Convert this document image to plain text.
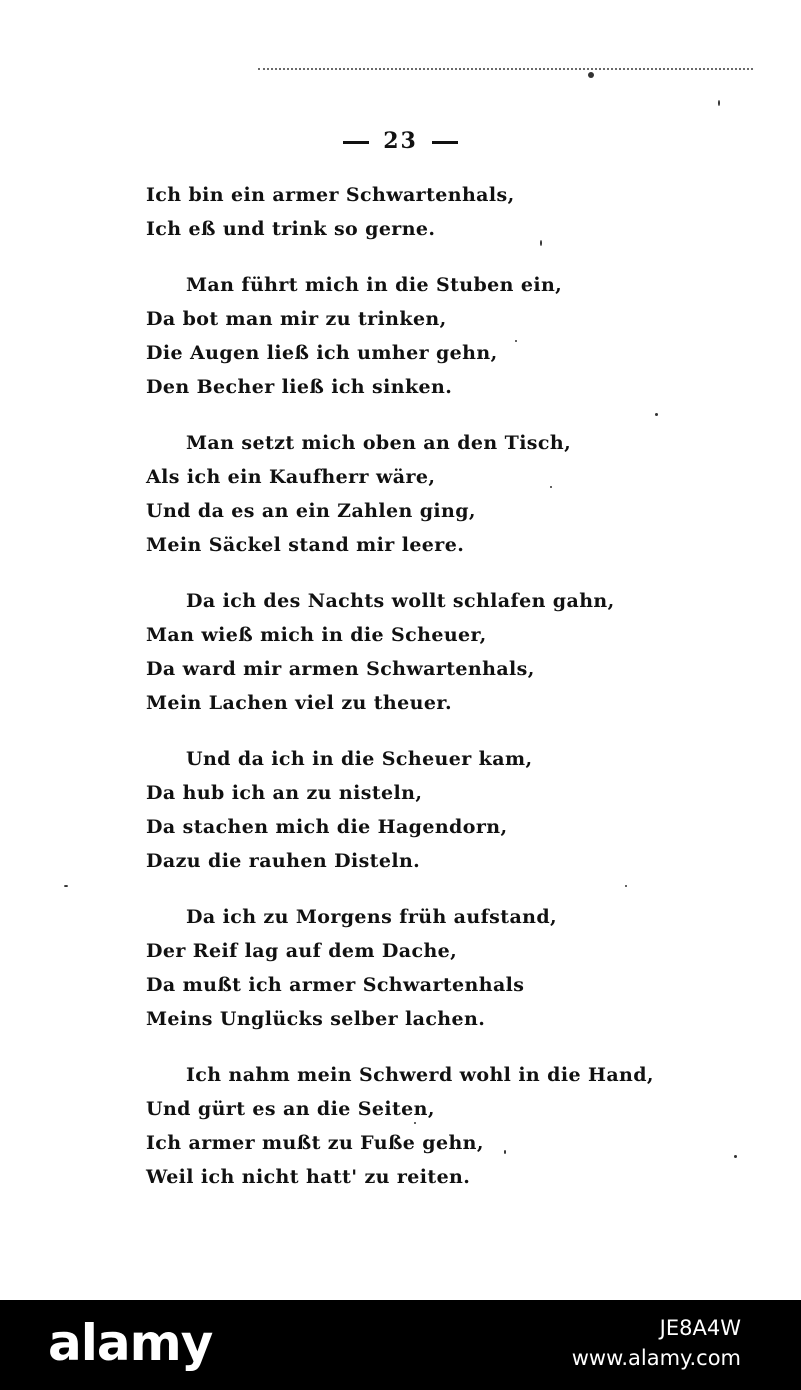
23
Ich bin ein armer Schwartenhals,
Ich eß und trink so gerne.
Man führt mich in die Stuben ein,
Da bot man mir zu trinken,
Die Augen ließ ich umher gehn,
Den Becher ließ ich sinken.
Man setzt mich oben an den Tisch,
Als ich ein Kaufherr wäre,
Und da es an ein Zahlen ging,
Mein Säckel stand mir leere.
Da ich des Nachts wollt schlafen gahn,
Man wieß mich in die Scheuer,
Da ward mir armen Schwartenhals,
Mein Lachen viel zu theuer.
Und da ich in die Scheuer kam,
Da hub ich an zu nisteln,
Da stachen mich die Hagendorn,
Dazu die rauhen Disteln.
Da ich zu Morgens früh aufstand,
Der Reif lag auf dem Dache,
Da mußt ich armer Schwartenhals
Meins Unglücks selber lachen.
Ich nahm mein Schwerd wohl in die Hand,
Und gürt es an die Seiten,
Ich armer mußt zu Fuße gehn,
Weil ich nicht hatt' zu reiten.
alamy	JE8A4W
www.alamy.com
